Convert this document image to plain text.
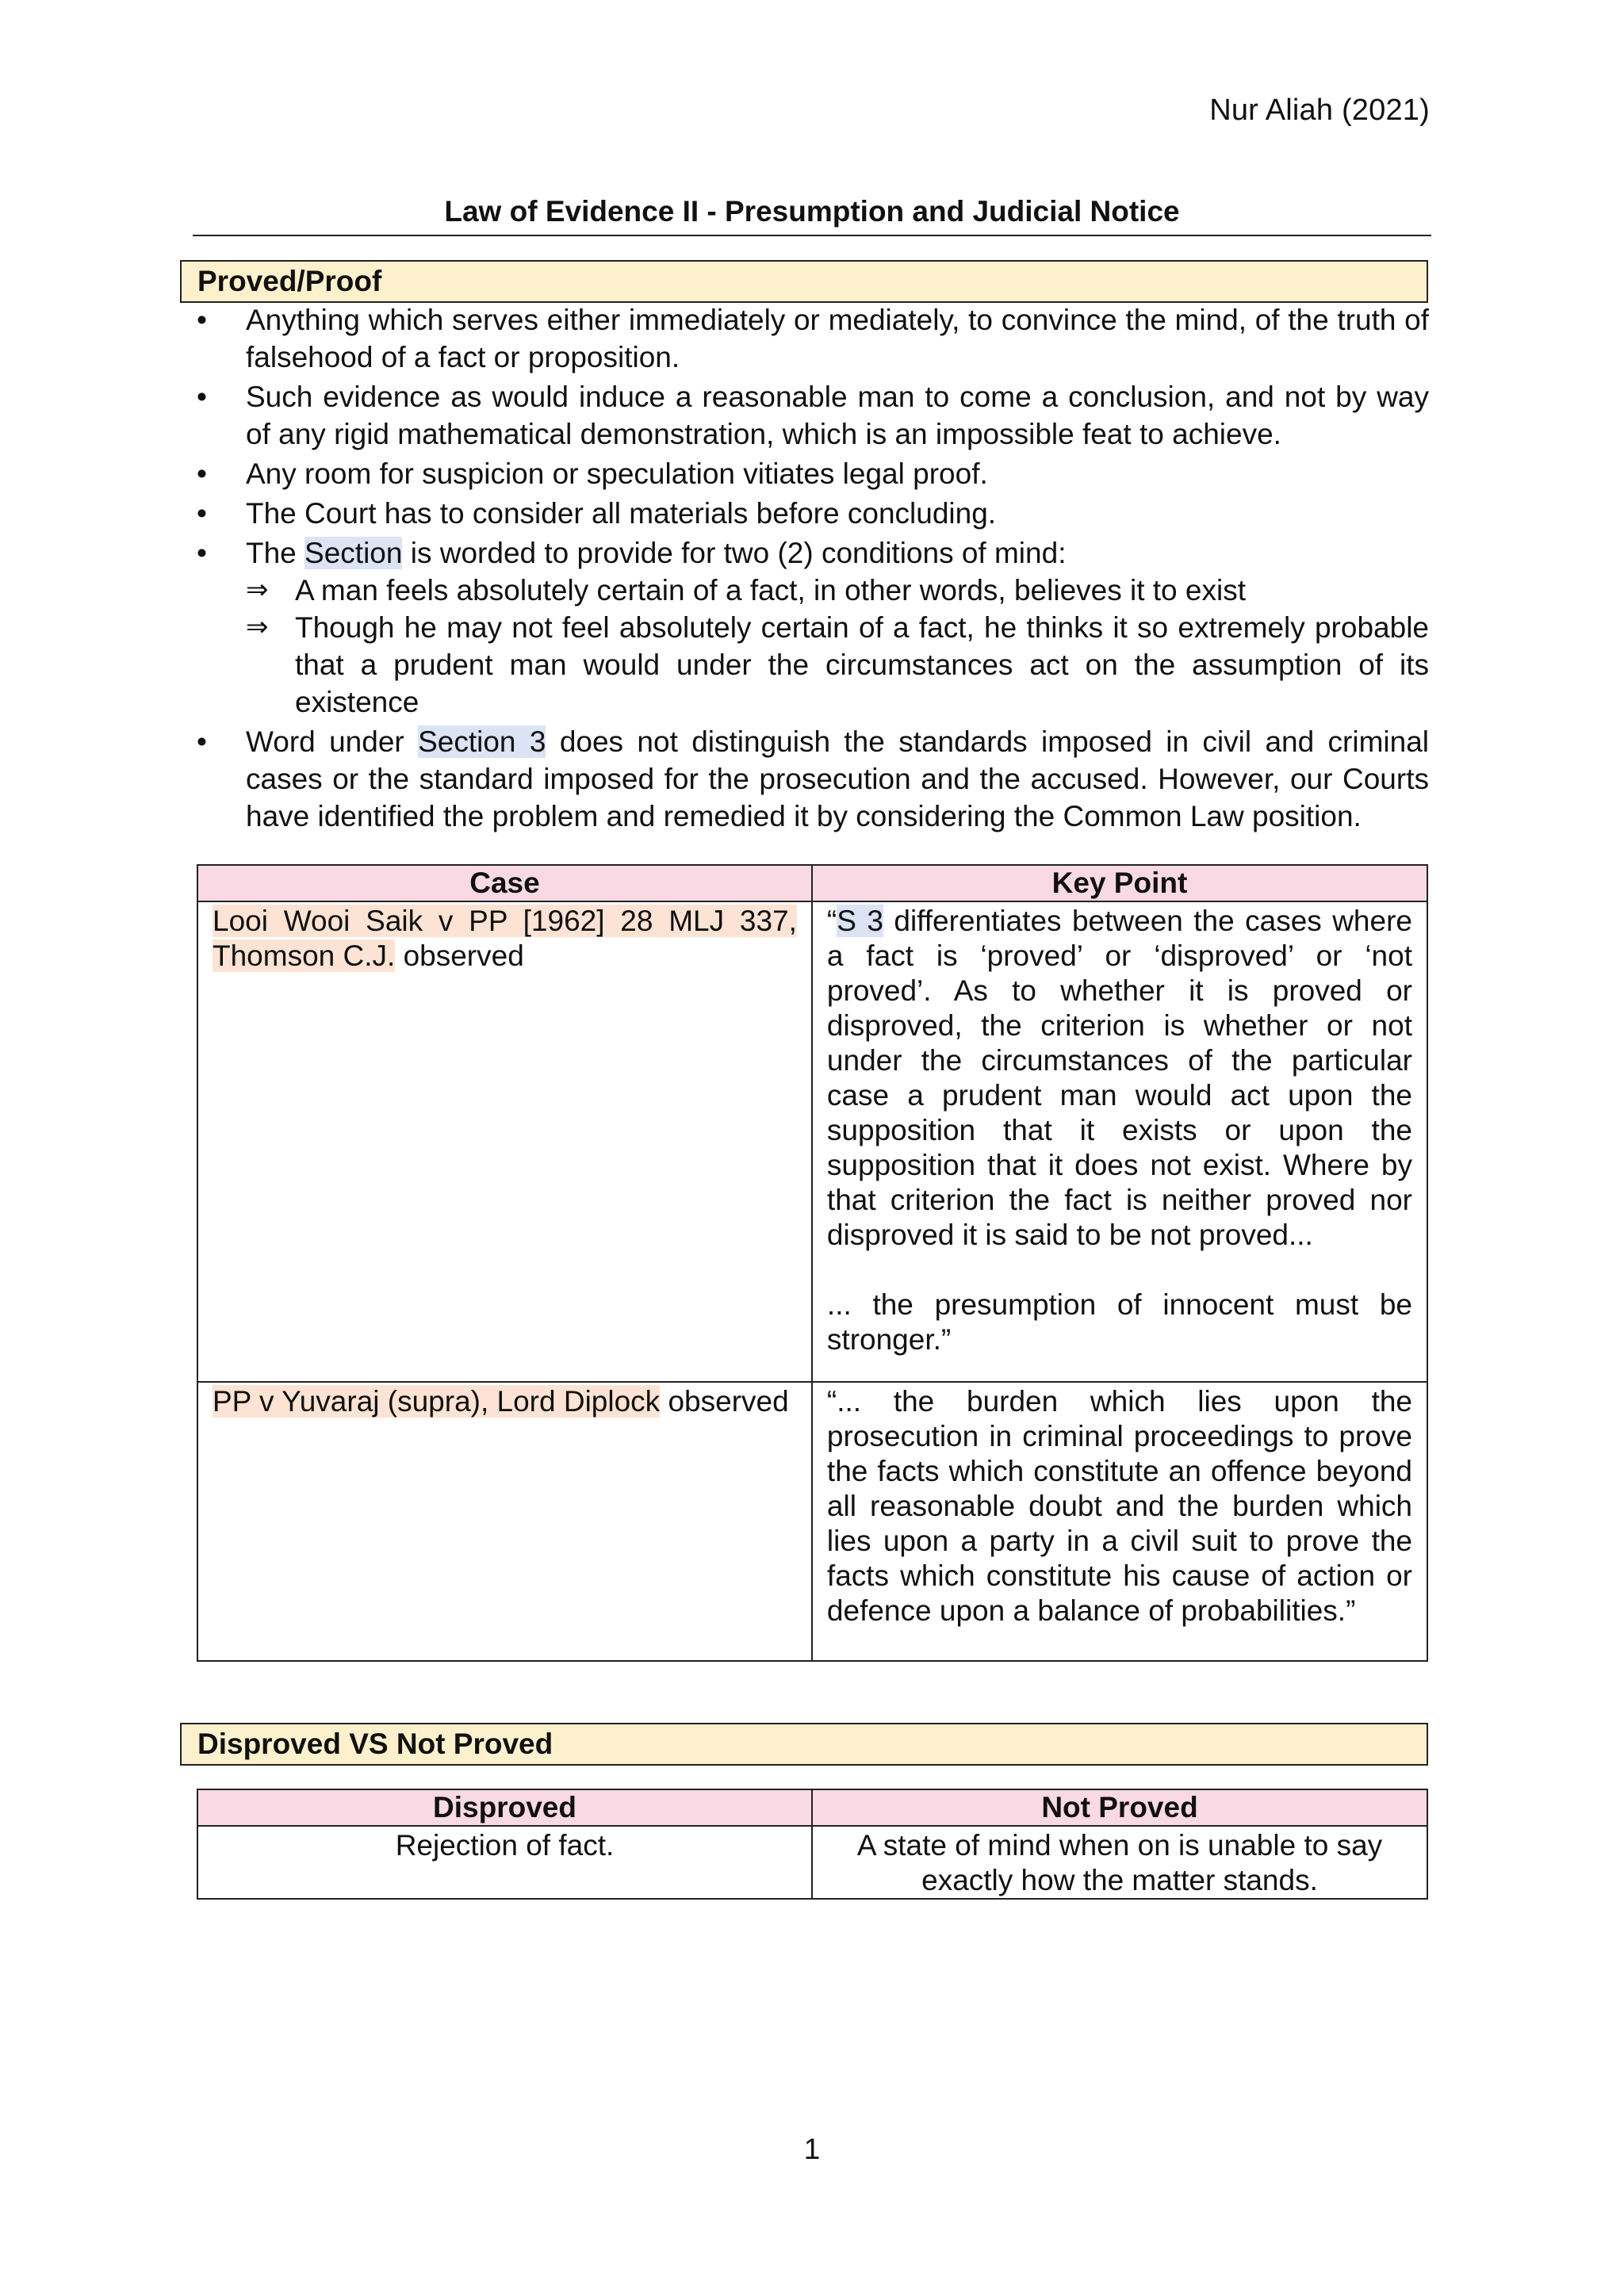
Nur Aliah (2021)
Law of Evidence II - Presumption and Judicial Notice
Proved/Proof
• Anything which serves either immediately or mediately, to convince the mind, of the truth of falsehood of a fact or proposition.
• Such evidence as would induce a reasonable man to come a conclusion, and not by way of any rigid mathematical demonstration, which is an impossible feat to achieve.
• Any room for suspicion or speculation vitiates legal proof.
• The Court has to consider all materials before concluding.
• The Section is worded to provide for two (2) conditions of mind:
⇒ A man feels absolutely certain of a fact, in other words, believes it to exist
⇒ Though he may not feel absolutely certain of a fact, he thinks it so extremely probable that a prudent man would under the circumstances act on the assumption of its existence
• Word under Section 3 does not distinguish the standards imposed in civil and criminal cases or the standard imposed for the prosecution and the accused. However, our Courts have identified the problem and remedied it by considering the Common Law position.
Case	Key Point
Looi Wooi Saik v PP [1962] 28 MLJ 337, Thomson C.J. observed	“S 3 differentiates between the cases where a fact is ‘proved’ or ‘disproved’ or ‘not proved’. As to whether it is proved or disproved, the criterion is whether or not under the circumstances of the particular case a prudent man would act upon the supposition that it exists or upon the supposition that it does not exist. Where by that criterion the fact is neither proved nor disproved it is said to be not proved...
... the presumption of innocent must be stronger.”

PP v Yuvaraj (supra), Lord Diplock observed	“... the burden which lies upon the prosecution in criminal proceedings to prove the facts which constitute an offence beyond all reasonable doubt and the burden which lies upon a party in a civil suit to prove the facts which constitute his cause of action or defence upon a balance of probabilities.”
Disproved VS Not Proved
Disproved	Not Proved
Rejection of fact.	A state of mind when on is unable to say exactly how the matter stands.
1
